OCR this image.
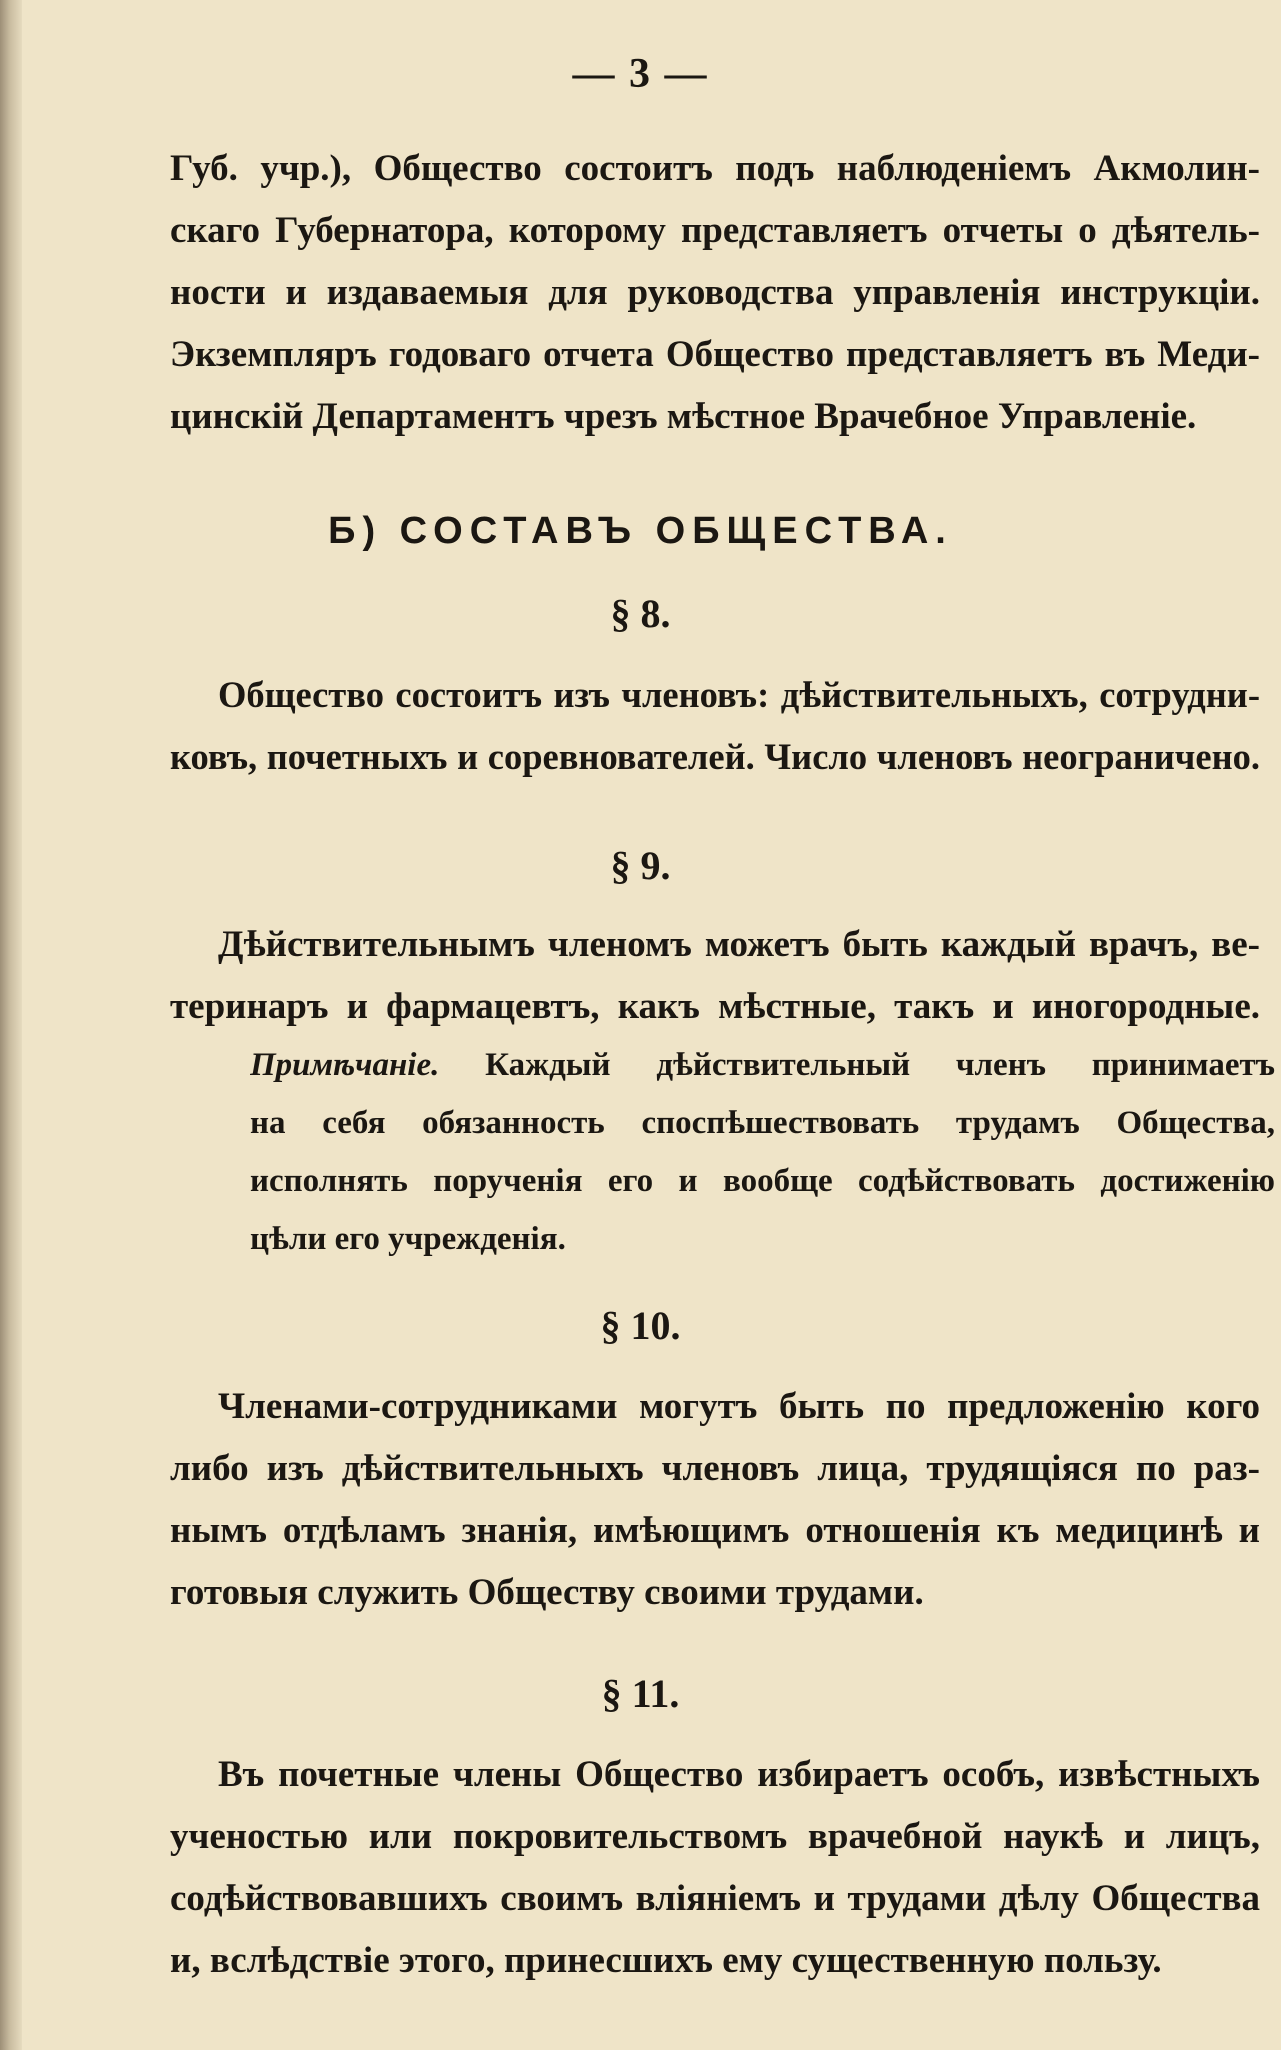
— 3 —
Губ. учр.), Общество состоитъ подъ наблюденіемъ Акмолин-
скаго Губернатора, которому представляетъ отчеты о дѣятель-
ности и издаваемыя для руководства управленія инструкціи.
Экземпляръ годоваго отчета Общество представляетъ въ Меди-
цинскій Департаментъ чрезъ мѣстное Врачебное Управленіе.
Б) СОСТАВЪ ОБЩЕСТВА.
§ 8.
Общество состоитъ изъ членовъ: дѣйствительныхъ, сотрудни-
ковъ, почетныхъ и соревнователей. Число членовъ неограничено.
§ 9.
Дѣйствительнымъ членомъ можетъ быть каждый врачъ, ве-
теринаръ и фармацевтъ, какъ мѣстные, такъ и иногородные.
Примѣчаніе. Каждый дѣйствительный членъ принимаетъ
на себя обязанность споспѣшествовать трудамъ Общества,
исполнять порученія его и вообще содѣйствовать достиженію
цѣли его учрежденія.
§ 10.
Членами-сотрудниками могутъ быть по предложенію кого
либо изъ дѣйствительныхъ членовъ лица, трудящіяся по раз-
нымъ отдѣламъ знанія, имѣющимъ отношенія къ медицинѣ и
готовыя служить Обществу своими трудами.
§ 11.
Въ почетные члены Общество избираетъ особъ, извѣстныхъ
ученостью или покровительствомъ врачебной наукѣ и лицъ,
содѣйствовавшихъ своимъ вліяніемъ и трудами дѣлу Общества
и, вслѣдствіе этого, принесшихъ ему существенную пользу.
